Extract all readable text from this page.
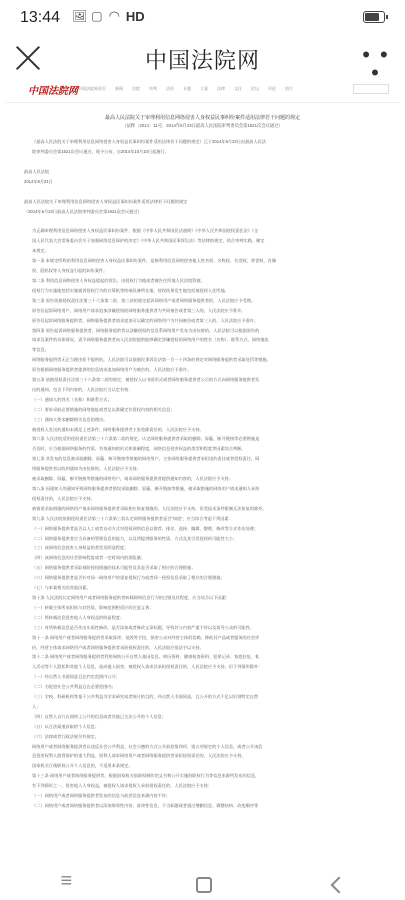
13:44 🖼 ▢ ◠ HD
中国法院网	• • •
中国法院网 中国法院网首页 新闻 法院 审判 法治 专题 立案 法律 文化 论坛 评论 图片
最高人民法院关于审理利用信息网络侵害人身权益民事纠纷案件适用法律若干问题的规定
（法释〔2014〕11号，2014年6月23日最高人民法院审判委员会第1621次会议通过）

《最高人民法院关于审理利用信息网络侵害人身权益民事纠纷案件适用法律若干问题的规定》已于2014年6月23日由最高人民法

院审判委员会第1621次会议通过，现予公布，自2014年10月10日起施行。

最高人民法院

2014年8月21日

最高人民法院关于审理利用信息网络侵害人身权益民事纠纷案件适用法律若干问题的规定

（2014年6月23日最高人民法院审判委员会第1621次会议通过）

为正确审理利用信息网络侵害人身权益民事纠纷案件，根据《中华人民共和国民法通则》《中华人民共和国侵权责任法》《全

国人民代表大会常务委员会关于加强网络信息保护的决定》《中华人民共和国民事诉讼法》等法律的规定，结合审判实践，制定

本规定。

第一条 本规定所称的利用信息网络侵害人身权益民事纠纷案件，是指利用信息网络侵害他人姓名权、名称权、名誉权、荣誉权、肖像

权、隐私权等人身权益引起的纠纷案件。

第二条 利用信息网络侵害人身权益提起的诉讼，由侵权行为地或者被告住所地人民法院管辖。

侵权行为实施地包括实施被诉侵权行为的计算机等终端设备所在地，侵权结果发生地包括被侵权人住所地。

第三条 原告依据侵权责任法第三十六条第二款、第三款的规定起诉网络用户或者网络服务提供者的，人民法院应予受理。

原告仅起诉网络用户，网络用户请求追加涉嫌侵权的网络服务提供者为共同被告或者第三人的，人民法院应予准许。

原告仅起诉网络服务提供者，网络服务提供者请求追加可以确定的网络用户为共同被告或者第三人的，人民法院应予准许。

第四条 原告起诉网络服务提供者，网络服务提供者以涉嫌侵权的信息系网络用户发布为由抗辩的，人民法院可以根据原告的

请求及案件的具体情况，责令网络服务提供者向人民法院提供能够确定涉嫌侵权的网络用户的姓名（名称）、联系方式、网络地址

等信息。

网络服务提供者无正当理由拒不提供的，人民法院可以依据民事诉讼法第一百一十四条的规定对网络服务提供者采取处罚等措施。

原告根据网络服务提供者提供的信息请求追加网络用户为被告的，人民法院应予准许。

第五条 依据侵权责任法第三十六条第二款的规定，被侵权人以书面形式或者网络服务提供者公示的方式向网络服务提供者发

出的通知，包含下列内容的，人民法院应当认定有效：

（一）通知人的姓名（名称）和联系方式；

（二）要求采取必要措施的网络地址或者足以准确定位侵权内容的相关信息；

（三）通知人要求删除相关信息的理由。

被侵权人发送的通知未满足上述条件，网络服务提供者主张免除责任的，人民法院应予支持。

第六条 人民法院适用侵权责任法第三十六条第二款的规定，认定网络服务提供者采取的删除、屏蔽、断开链接等必要措施是

否及时，应当根据网络服务的性质、有效通知的形式和准确程度，网络信息侵害权益的类型和程度等因素综合判断。

第七条 其发布的信息被采取删除、屏蔽、断开链接等措施的网络用户，主张网络服务提供者承担违约责任或者侵权责任，网

络服务提供者以收到通知为由抗辩的，人民法院应予支持。

被采取删除、屏蔽、断开链接等措施的网络用户，请求网络服务提供者提供通知内容的，人民法院应予支持。

第八条 因通知人的通知导致网络服务提供者错误采取删除、屏蔽、断开链接等措施，被采取措施的网络用户请求通知人承担

侵权责任的，人民法院应予支持。

被错误采取措施的网络用户请求网络服务提供者采取相应恢复措施的，人民法院应予支持，但受技术条件限制无法恢复的除外。

第九条 人民法院依据侵权责任法第三十六条第三款认定网络服务提供者是否“知道”，应当综合考虑下列因素：

（一）网络服务提供者是否以人工或者自动方式对侵权网络信息以推荐、排名、选择、编辑、整理、修改等方式作出处理；

（二）网络服务提供者应当具备的管理信息的能力，以及所提供服务的性质、方式及其引发侵权的可能性大小；

（三）该网络信息侵害人身权益的类型及明显程度；

（四）该网络信息的社会影响程度或者一定时间内的浏览量；

（五）网络服务提供者采取预防侵权措施的技术可能性及其是否采取了相应的合理措施；

（六）网络服务提供者是否针对同一网络用户的重复侵权行为或者同一侵权信息采取了相应的合理措施；

（七）与本案相关的其他因素。

第十条 人民法院认定网络用户或者网络服务提供者转载网络信息行为的过错及其程度，应当综合以下因素：

（一）转载主体所承担的与其性质、影响范围相适应的注意义务；

（二）所转载信息侵害他人人身权益的明显程度；

（三）对所转载信息是否作出实质性修改，是否添加或者修改文章标题，导致其与内容严重不符以及误导公众的可能性。

第十一条 网络用户或者网络服务提供者采取诽谤、诋毁等手段，损害公众对经营主体的信赖，降低其产品或者服务的社会评

价，经营主体请求网络用户或者网络服务提供者承担侵权责任的，人民法院应依法予以支持。

第十二条 网络用户或者网络服务提供者利用网络公开自然人基因信息、病历资料、健康检查资料、犯罪记录、家庭住址、私

人活动等个人隐私和其他个人信息，造成他人损害，被侵权人请求其承担侵权责任的，人民法院应予支持。但下列情形除外：

（一）经自然人书面同意且在约定范围内公开；

（二）为促进社会公共利益且在必要范围内；

（三）学校、科研机构等基于公共利益为学术研究或者统计的目的，经自然人书面同意，且公开的方式不足以识别特定自然

人；

（四）自然人自行在网络上公开的信息或者其他已合法公开的个人信息；

（五）以合法渠道获取的个人信息；

（六）法律或者行政法规另有规定。

网络用户或者网络服务提供者以违反社会公共利益、社会公德的方式公开前款第四项、第五项规定的个人信息，或者公开该信

息侵害权利人值得保护的重大利益，权利人请求网络用户或者网络服务提供者承担侵权责任的，人民法院应予支持。

国家机关行使职权公开个人信息的，不适用本条规定。

第十三条 网络用户或者网络服务提供者，根据国家机关依职权制作的文书和公开实施的职权行为等信息来源所发布的信息，

有下列情形之一，侵害他人人身权益，被侵权人请求侵权人承担侵权责任的，人民法院应予支持：

（一）网络用户或者网络服务提供者发布的信息与前述信息来源内容不符；

（二）网络用户或者网络服务提供者以添加侮辱性内容、诽谤性信息、不当标题或者通过增删信息、调整结构、改变顺序等

≡
